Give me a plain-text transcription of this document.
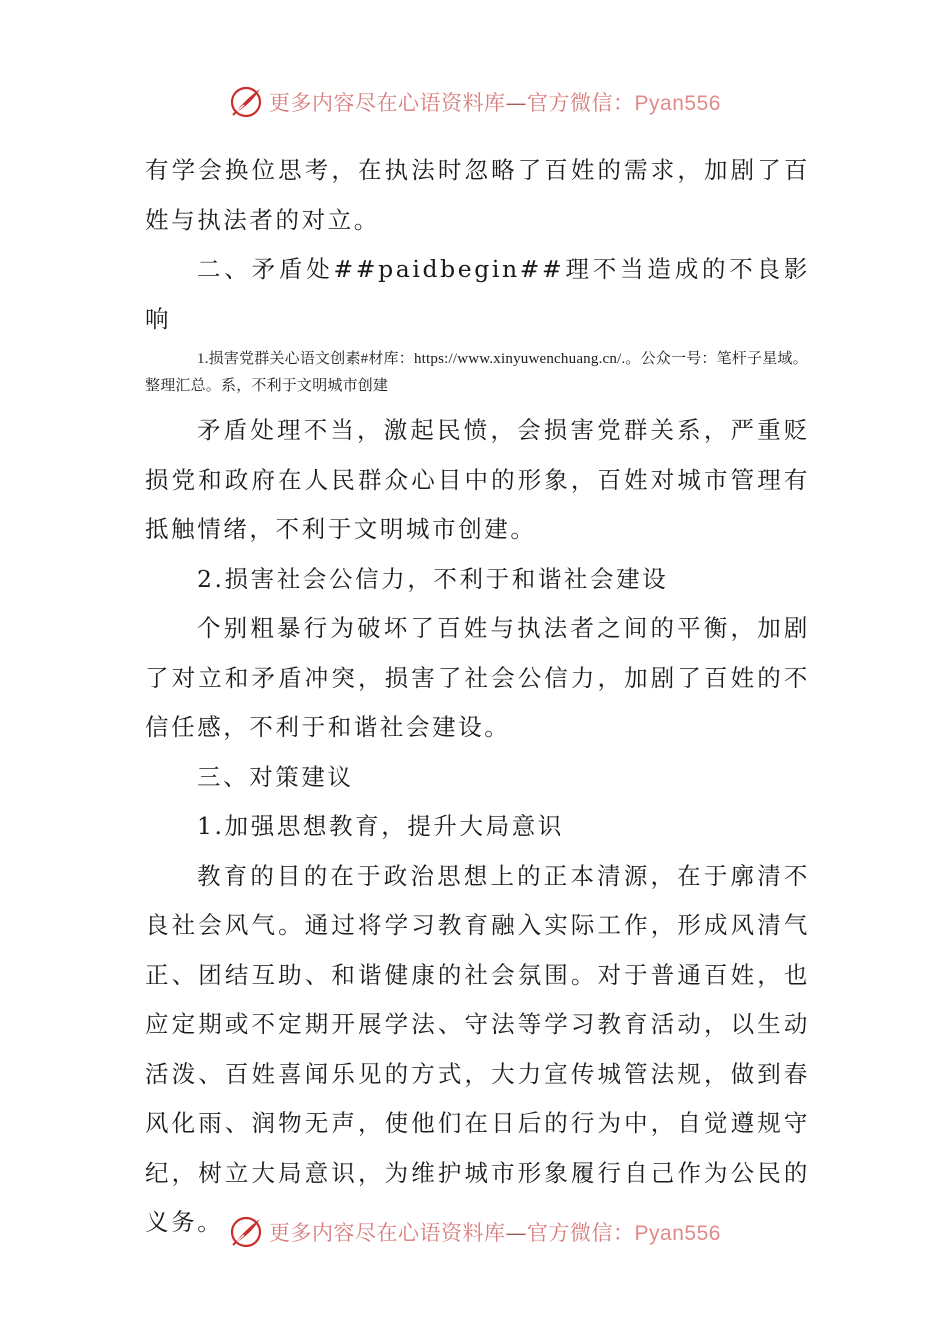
更多内容尽在心语资料库—官方微信：Pyan556

有学会换位思考，在执法时忽略了百姓的需求，加剧了百姓与执法者的对立。

二、矛盾处##paidbegin##理不当造成的不良影响

1.损害党群关心语文创素#材库：https://www.xinyuwenchuang.cn/.。公众一号：笔杆子星域。整理汇总。系，不利于文明城市创建

矛盾处理不当，激起民愤，会损害党群关系，严重贬损党和政府在人民群众心目中的形象，百姓对城市管理有抵触情绪，不利于文明城市创建。

2.损害社会公信力，不利于和谐社会建设

个别粗暴行为破坏了百姓与执法者之间的平衡，加剧了对立和矛盾冲突，损害了社会公信力，加剧了百姓的不信任感，不利于和谐社会建设。

三、对策建议

1.加强思想教育，提升大局意识

教育的目的在于政治思想上的正本清源，在于廓清不良社会风气。通过将学习教育融入实际工作，形成风清气正、团结互助、和谐健康的社会氛围。对于普通百姓，也应定期或不定期开展学法、守法等学习教育活动，以生动活泼、百姓喜闻乐见的方式，大力宣传城管法规，做到春风化雨、润物无声，使他们在日后的行为中，自觉遵规守纪，树立大局意识，为维护城市形象履行自己作为公民的义务。	更多内容尽在心语资料库—官方微信：Pyan556
